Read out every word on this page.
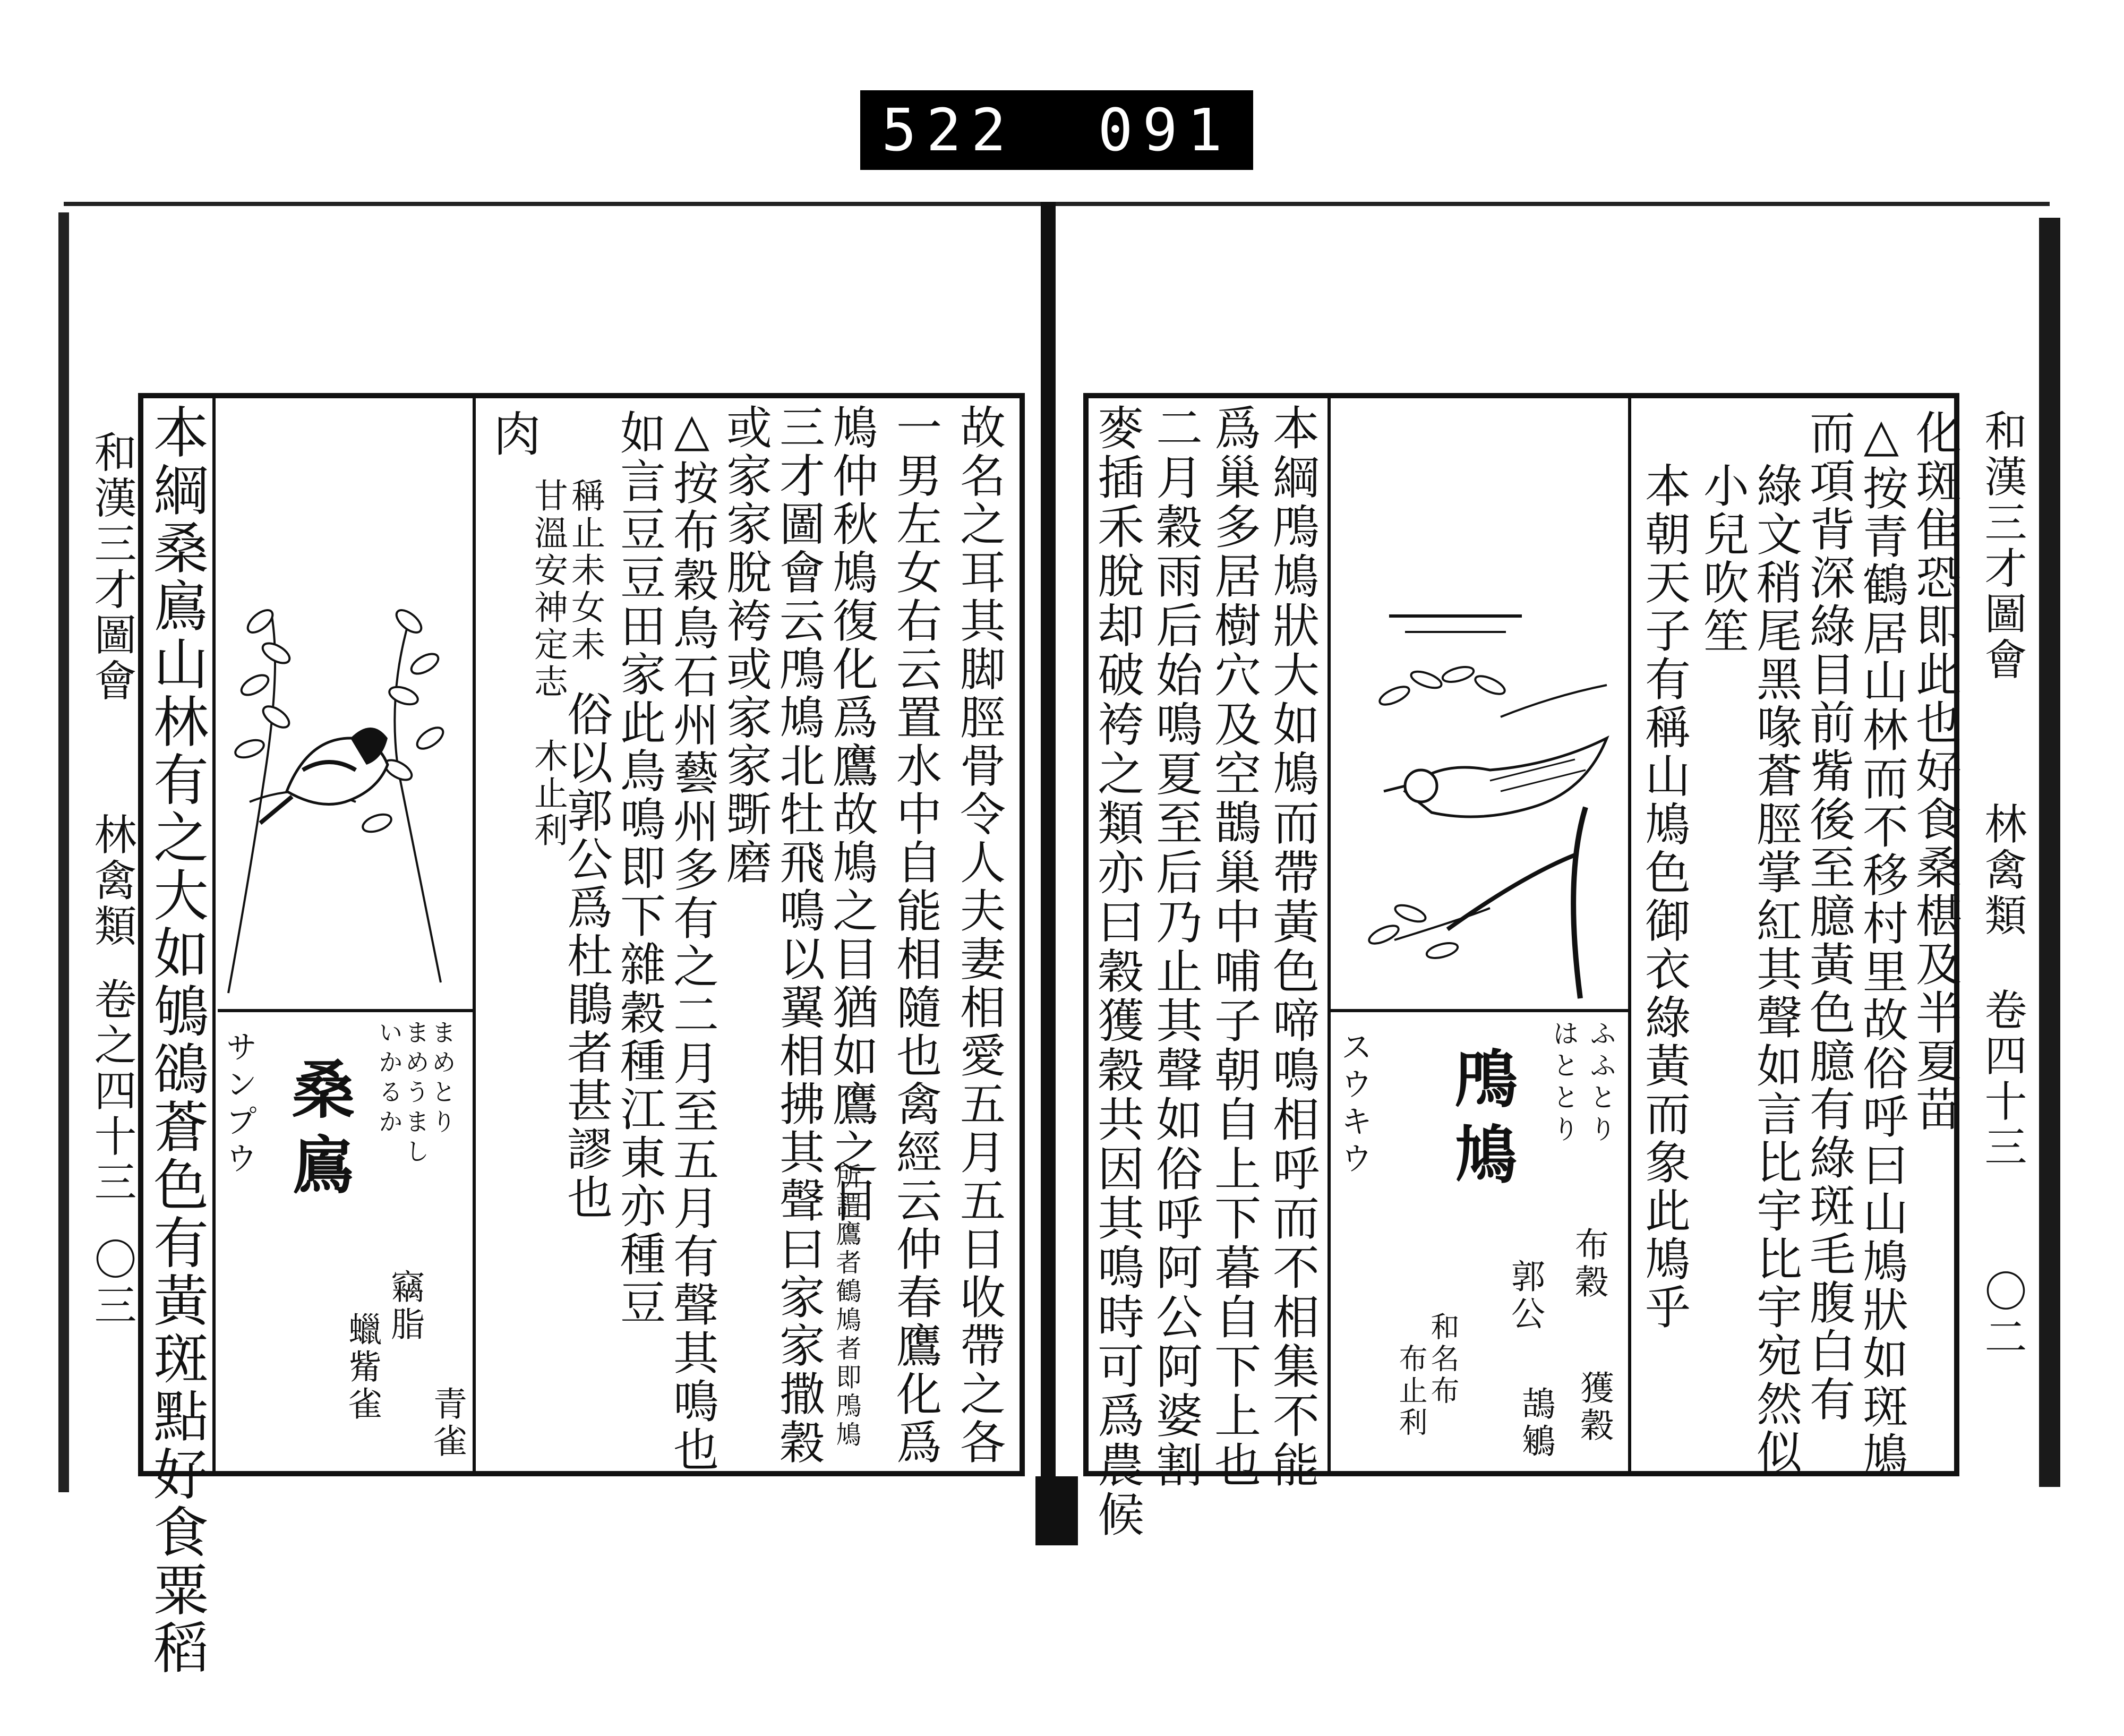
522 091
和漢三才圖會
林禽類
卷之四十三
〇三 本綱桑鳸山林有之大如鴝鵒蒼色有黃斑點好食粟稻 サンプウ 桑鳸	まめとり
まめうまし
いかるか
竊脂
青雀
蠟觜雀
肉
甘溫安神定志
稱止未女未
木止利
俗以郭公爲杜鵑者甚謬也 如言豆豆田家此鳥鳴即下雜穀種江東亦種豆 △按布穀鳥石州藝州多有之二月至五月有聲其鳴也 或家家脫袴或家家斲磨 三才圖會云鳲鳩北牡飛鳴以翼相拂其聲曰家家撒穀 鳩仲秋鳩復化爲鷹故鳩之目猶如鷹之目
所謂鷹者鶴鳩者即鳲鳩 一男左女右云置水中自能相隨也禽經云仲春鷹化爲 故名之耳其脚脛骨令人夫妻相愛五月五日收帶之各 麥插禾脫却破袴之類亦曰穀獲穀共因其鳴時可爲農候 二月穀雨后始鳴夏至后乃止其聲如俗呼阿公阿婆割 爲巢多居樹穴及空鵲巢中哺子朝自上下暮自下上也 本綱鳲鳩狀大如鳩而帶黃色啼鳴相呼而不相集不能 スウキウ 鳲鳩
和名布
布止利
ふふとり
はととり
布穀
獲穀
郭公
鴶鵴
本朝天子有稱山鳩色御衣綠黃而象此鳩乎 小兒吹笙 綠文稍尾黑喙蒼脛掌紅其聲如言比宇比宇宛然似 而項背深綠目前觜後至臆黃色臆有綠斑毛腹白有 △按青鶴居山林而不移村里故俗呼曰山鳩狀如斑鳩 化斑隹恐即此也好食桑椹及半夏苗 和漢三才圖會
林禽類
卷四十三
〇二
